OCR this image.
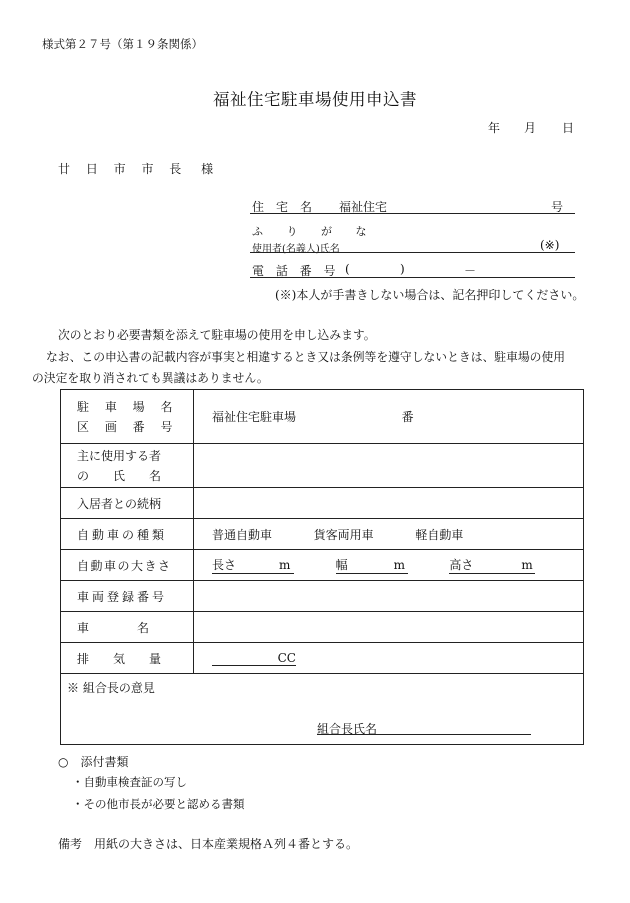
様式第２７号（第１９条関係）
福祉住宅駐車場使用申込書
年 月 日
廿 日 市 市 長 様
住　宅　名 福祉住宅	号
ふ り が な
使用者(名義人)氏名	(※)
電 話 番 号 (	)	－
(※)本人が手書きしない場合は、記名押印してください。
次のとおり必要書類を添えて駐車場の使用を申し込みます。
なお、この申込書の記載内容が事実と相違するとき又は条例等を遵守しないときは、駐車場の使用
の決定を取り消されても異議はありません。
駐 車 場 名
区 画 番 号	福祉住宅駐車場 番

主に使用する者
の　　氏　　名	

入居者との続柄	
自動車の種類	普通自動車 貨客両用車 軽自動車
自動車の大きさ	長さ m 幅 m 高さ m
車両登録番号	
車　　　　名	
排　　気　　量	CC

※ 組合長の意見
組合長氏名	
○　添付書類
・自動車検査証の写し
・その他市長が必要と認める書類
備考　用紙の大きさは、日本産業規格Ａ列４番とする。
